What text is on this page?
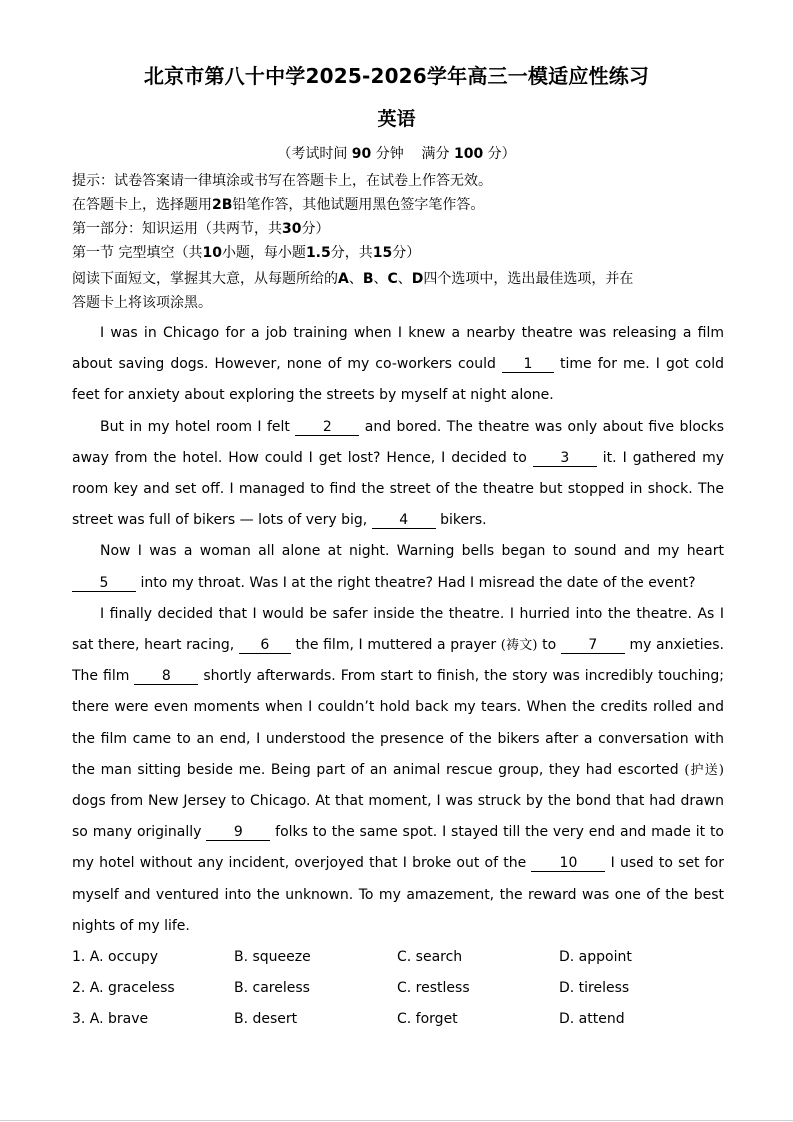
北京市第八十中学2025-2026学年高三一模适应性练习
英语
（考试时间 90 分钟 满分 100 分）
提示：试卷答案请一律填涂或书写在答题卡上，在试卷上作答无效。
在答题卡上，选择题用2B铅笔作答，其他试题用黑色签字笔作答。
第一部分：知识运用（共两节，共30分）
第一节 完型填空（共10小题，每小题1.5分，共15分）
阅读下面短文，掌握其大意，从每题所给的A、B、C、D四个选项中，选出最佳选项，并在
答题卡上将该项涂黑。

I was in Chicago for a job training when I knew a nearby theatre was releasing a film about saving dogs. However, none of my co-workers could 1 time for me. I got cold feet for anxiety about exploring the streets by myself at night alone.

But in my hotel room I felt 2 and bored. The theatre was only about five blocks away from the hotel. How could I get lost? Hence, I decided to 3 it. I gathered my room key and set off. I managed to find the street of the theatre but stopped in shock. The street was full of bikers — lots of very big, 4 bikers.

Now I was a woman all alone at night. Warning bells began to sound and my heart 5 into my throat. Was I at the right theatre? Had I misread the date of the event?

I finally decided that I would be safer inside the theatre. I hurried into the theatre. As I sat there, heart racing, 6 the film, I muttered a prayer (祷文) to 7 my anxieties. The film 8 shortly afterwards. From start to finish, the story was incredibly touching; there were even moments when I couldn’t hold back my tears. When the credits rolled and the film came to an end, I understood the presence of the bikers after a conversation with the man sitting beside me. Being part of an animal rescue group, they had escorted (护送) dogs from New Jersey to Chicago. At that moment, I was struck by the bond that had drawn so many originally 9 folks to the same spot. I stayed till the very end and made it to my hotel without any incident, overjoyed that I broke out of the 10 I used to set for myself and ventured into the unknown. To my amazement, the reward was one of the best nights of my life.

1. A. occupy	B. squeeze	C. search	D. appoint
2. A. graceless	B. careless	C. restless	D. tireless
3. A. brave	B. desert	C. forget	D. attend
